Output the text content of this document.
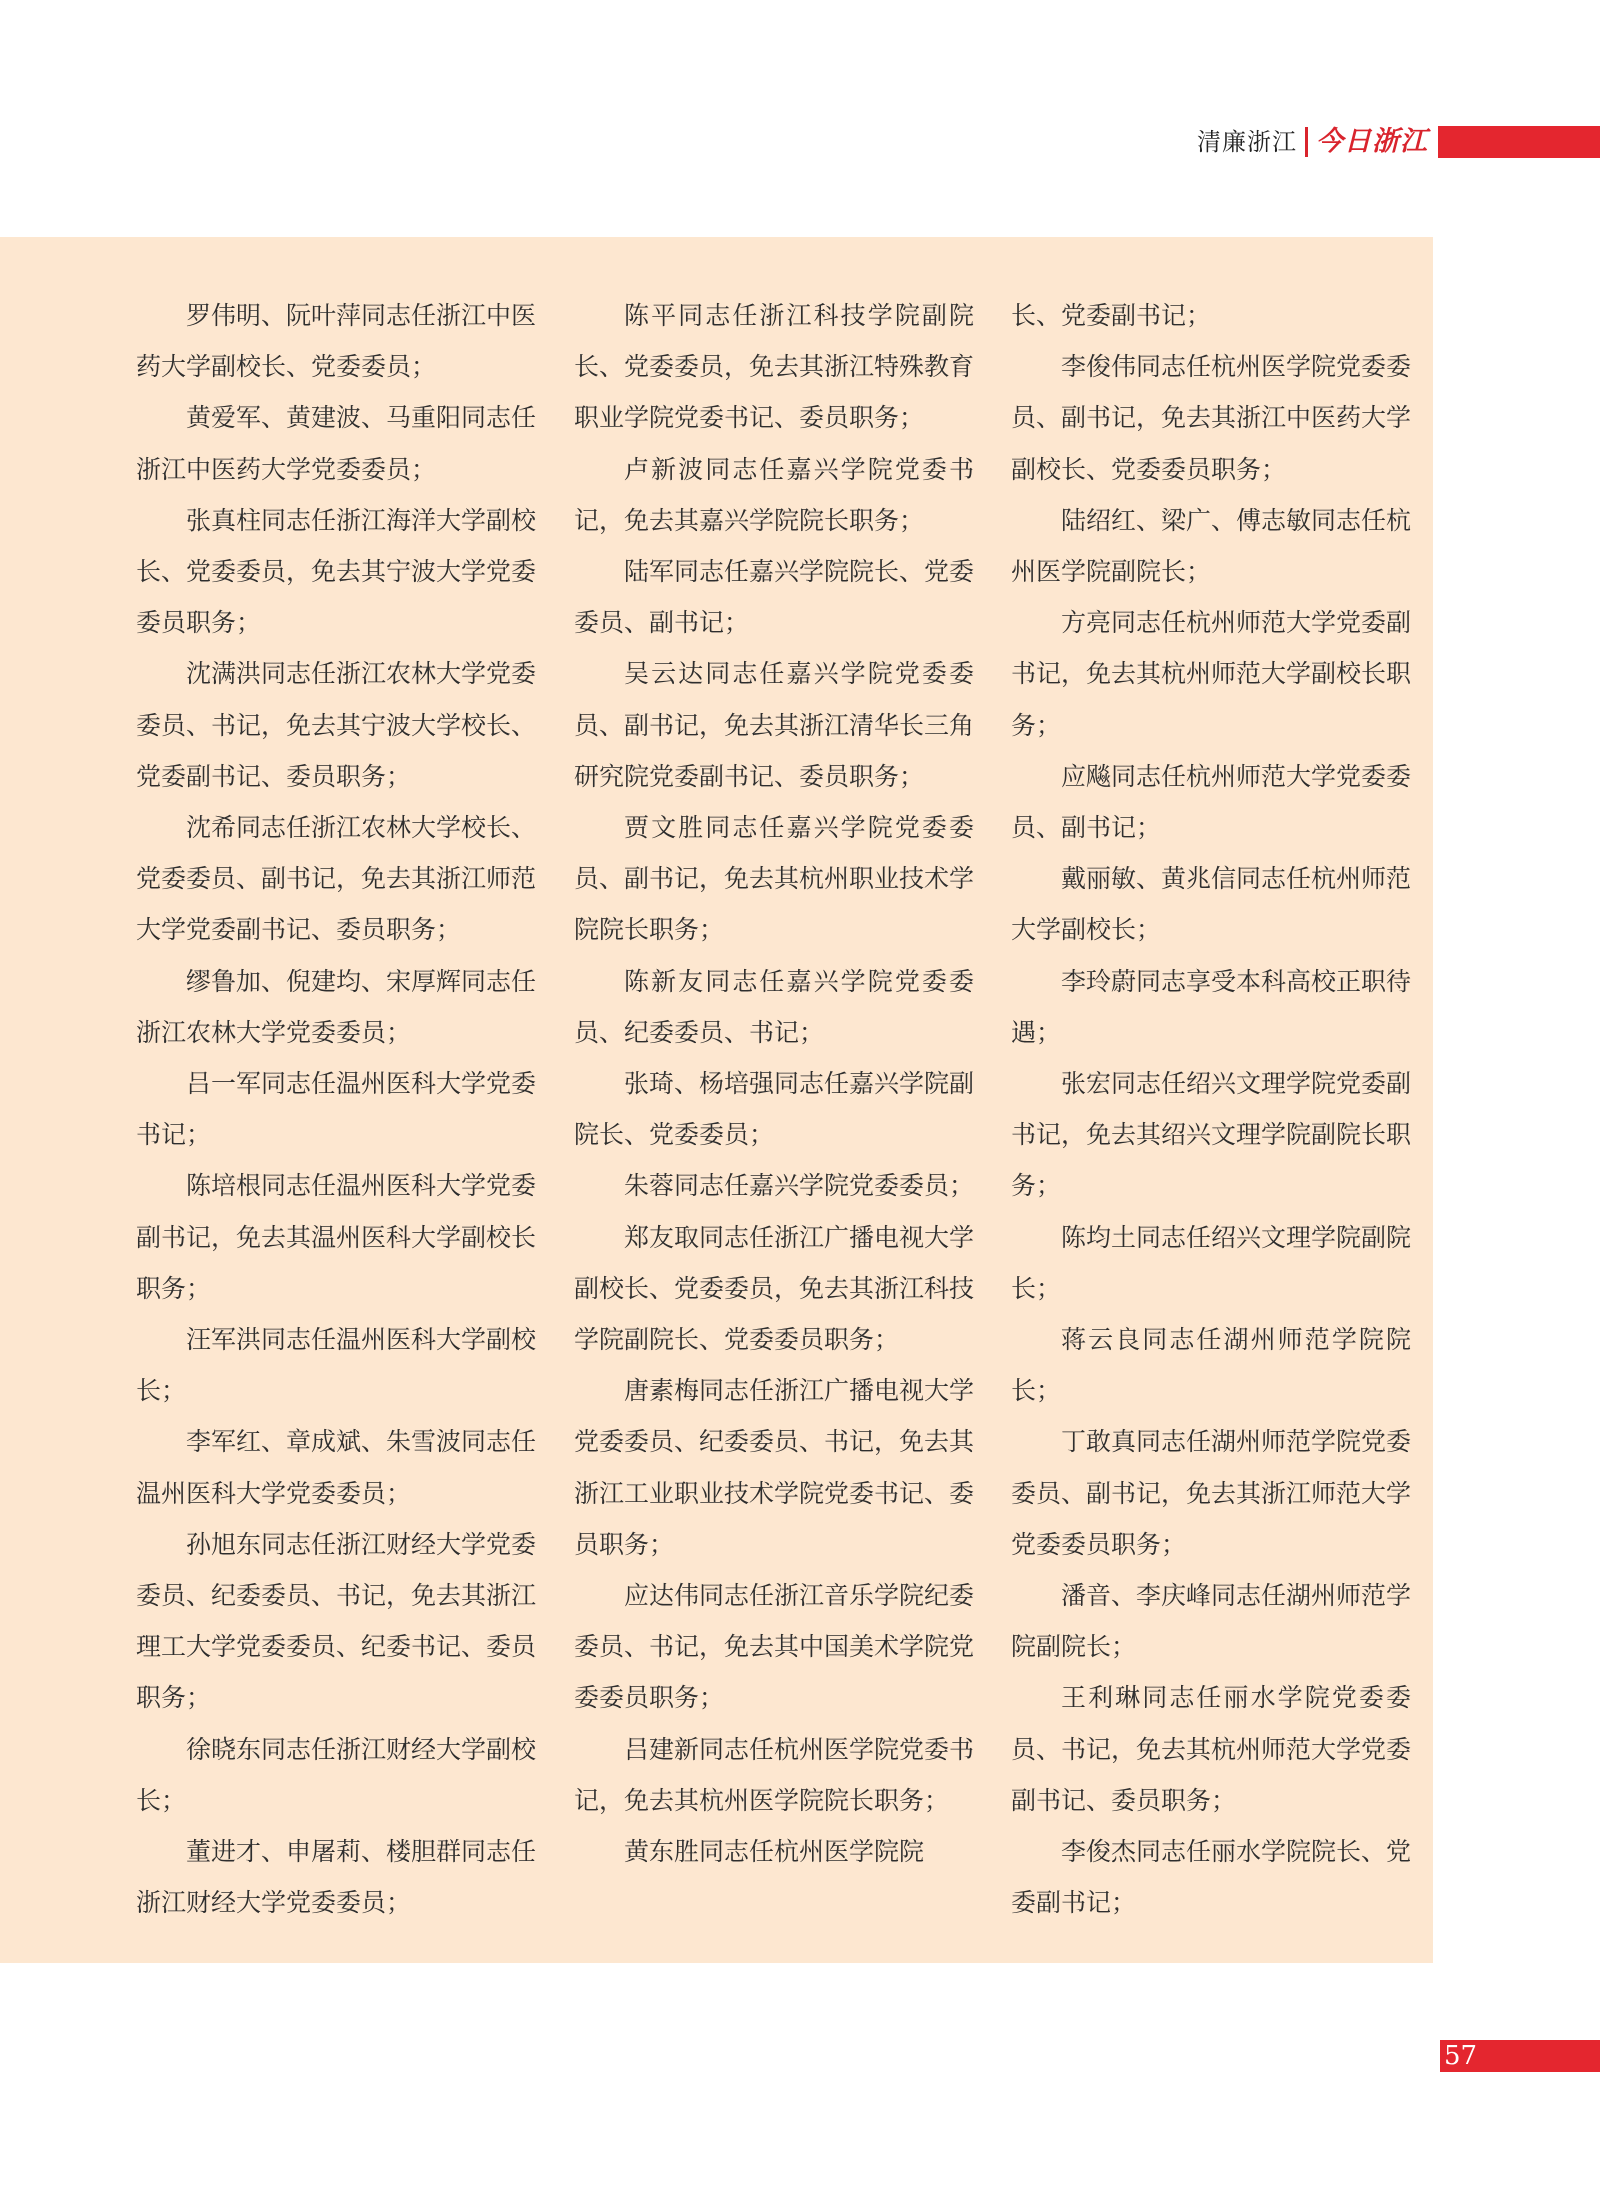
清廉浙江 今日浙江

罗伟明、阮叶萍同志任浙江中医药大学副校长、党委委员；

黄爱军、黄建波、马重阳同志任浙江中医药大学党委委员；

张真柱同志任浙江海洋大学副校长、党委委员，免去其宁波大学党委委员职务；

沈满洪同志任浙江农林大学党委委员、书记，免去其宁波大学校长、党委副书记、委员职务；

沈希同志任浙江农林大学校长、党委委员、副书记，免去其浙江师范大学党委副书记、委员职务；

缪鲁加、倪建均、宋厚辉同志任浙江农林大学党委委员；

吕一军同志任温州医科大学党委书记；

陈培根同志任温州医科大学党委副书记，免去其温州医科大学副校长职务；

汪军洪同志任温州医科大学副校长；

李军红、章成斌、朱雪波同志任温州医科大学党委委员；

孙旭东同志任浙江财经大学党委委员、纪委委员、书记，免去其浙江理工大学党委委员、纪委书记、委员职务；

徐晓东同志任浙江财经大学副校长；

董进才、申屠莉、楼胆群同志任浙江财经大学党委委员；

陈平同志任浙江科技学院副院长、党委委员，免去其浙江特殊教育职业学院党委书记、委员职务；

卢新波同志任嘉兴学院党委书记，免去其嘉兴学院院长职务；

陆军同志任嘉兴学院院长、党委委员、副书记；

吴云达同志任嘉兴学院党委委员、副书记，免去其浙江清华长三角研究院党委副书记、委员职务；

贾文胜同志任嘉兴学院党委委员、副书记，免去其杭州职业技术学院院长职务；

陈新友同志任嘉兴学院党委委员、纪委委员、书记；

张琦、杨培强同志任嘉兴学院副院长、党委委员；

朱蓉同志任嘉兴学院党委委员；

郑友取同志任浙江广播电视大学副校长、党委委员，免去其浙江科技学院副院长、党委委员职务；

唐素梅同志任浙江广播电视大学党委委员、纪委委员、书记，免去其浙江工业职业技术学院党委书记、委员职务；

应达伟同志任浙江音乐学院纪委委员、书记，免去其中国美术学院党委委员职务；

吕建新同志任杭州医学院党委书记，免去其杭州医学院院长职务；

黄东胜同志任杭州医学院院

长、党委副书记；

李俊伟同志任杭州医学院党委委员、副书记，免去其浙江中医药大学副校长、党委委员职务；

陆绍红、梁广、傅志敏同志任杭州医学院副院长；

方亮同志任杭州师范大学党委副书记，免去其杭州师范大学副校长职务；

应飚同志任杭州师范大学党委委员、副书记；

戴丽敏、黄兆信同志任杭州师范大学副校长；

李玲蔚同志享受本科高校正职待遇；

张宏同志任绍兴文理学院党委副书记，免去其绍兴文理学院副院长职务；

陈均土同志任绍兴文理学院副院长；

蒋云良同志任湖州师范学院院长；

丁敢真同志任湖州师范学院党委委员、副书记，免去其浙江师范大学党委委员职务；

潘音、李庆峰同志任湖州师范学院副院长；

王利琳同志任丽水学院党委委员、书记，免去其杭州师范大学党委副书记、委员职务；

李俊杰同志任丽水学院院长、党委副书记；

57
